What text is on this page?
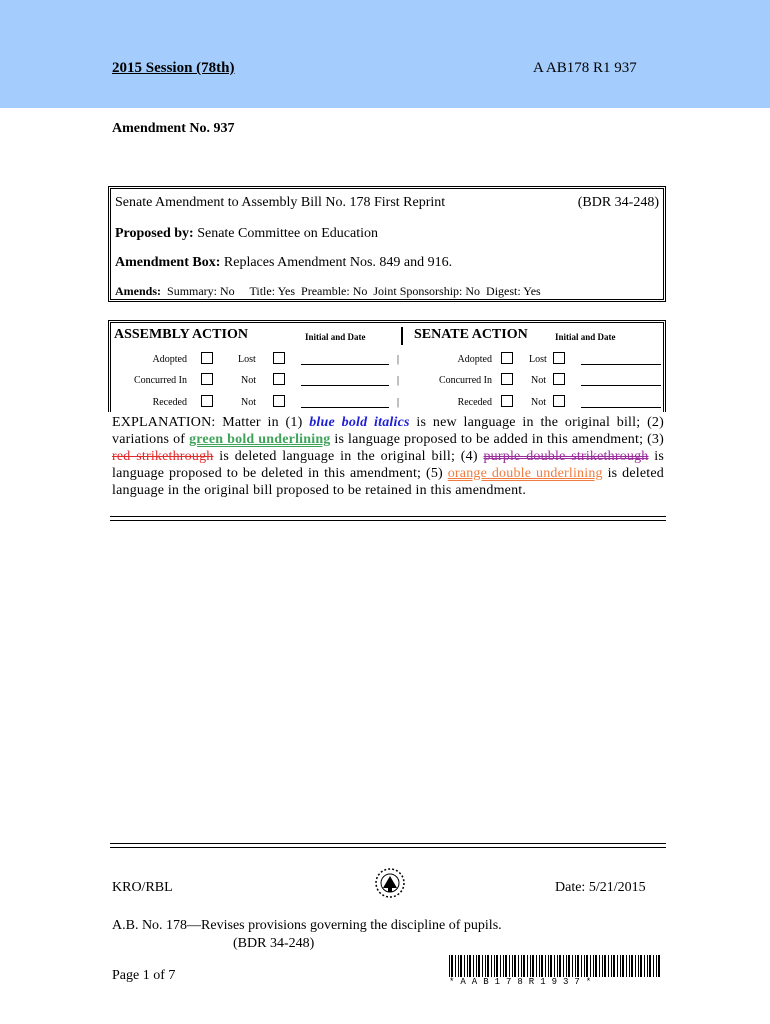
2015 Session (78th)	A AB178 R1 937
Amendment No. 937
Senate Amendment to Assembly Bill No. 178 First Reprint	(BDR 34-248)
Proposed by: Senate Committee on Education
Amendment Box: Replaces Amendment Nos. 849 and 916.
Amends: Summary: No     Title: Yes  Preamble: No  Joint Sponsorship: No  Digest: Yes
ASSEMBLY ACTION	Initial and Date	SENATE ACTION	Initial and Date
Adopted	Lost	|	Adopted	Lost
Concurred In	Not	|	Concurred In	Not
Receded	Not	|	Receded	Not
EXPLANATION: Matter in (1) blue bold italics is new language in the original bill; (2) variations of green bold underlining is language proposed to be added in this amendment; (3) red strikethrough is deleted language in the original bill; (4) purple double strikethrough is language proposed to be deleted in this amendment; (5) orange double underlining is deleted language in the original bill proposed to be retained in this amendment.
KRO/RBL	Date: 5/21/2015
A.B. No. 178—Revises provisions governing the discipline of pupils.
(BDR 34-248)
Page 1 of 7	*AAB178R1937*
